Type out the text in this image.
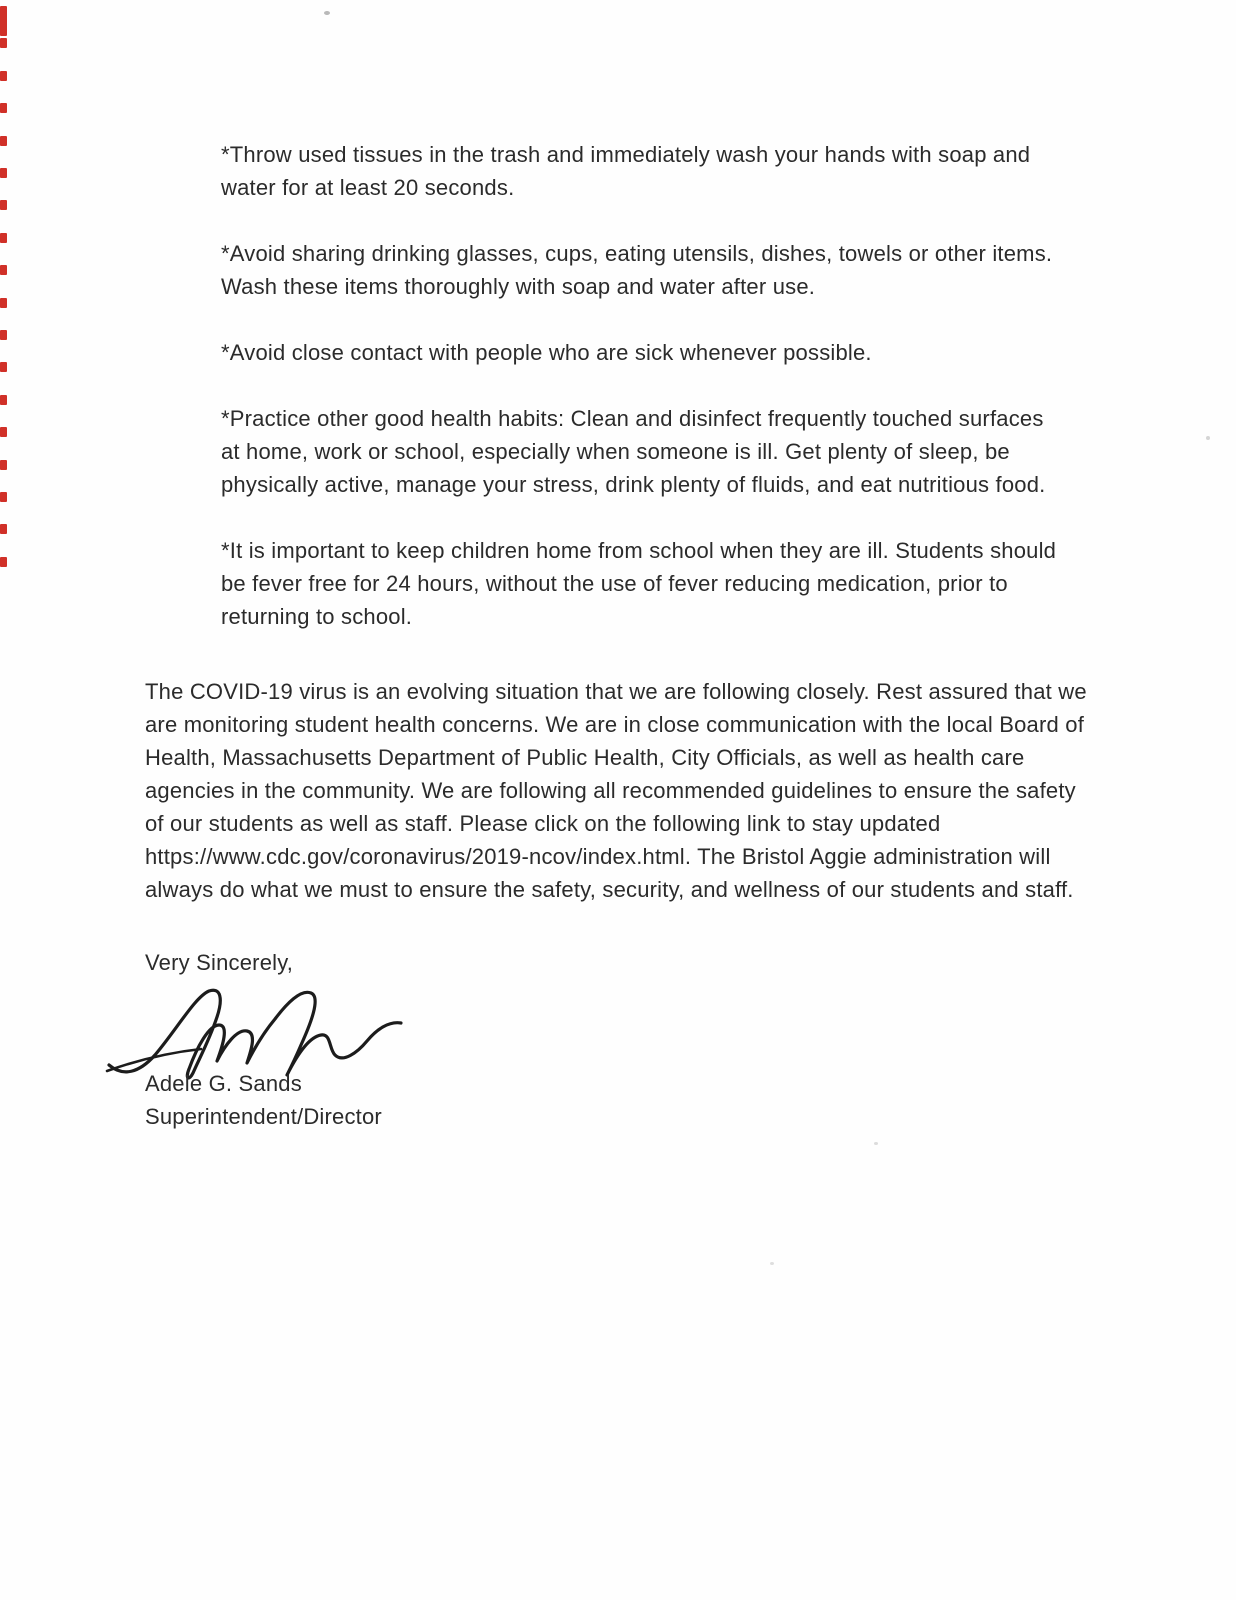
*Throw used tissues in the trash and immediately wash your hands with soap and water for at least 20 seconds.

*Avoid sharing drinking glasses, cups, eating utensils, dishes, towels or other items. Wash these items thoroughly with soap and water after use.

*Avoid close contact with people who are sick whenever possible.

*Practice other good health habits: Clean and disinfect frequently touched surfaces at home, work or school, especially when someone is ill. Get plenty of sleep, be physically active, manage your stress, drink plenty of fluids, and eat nutritious food.

*It is important to keep children home from school when they are ill. Students should be fever free for 24 hours, without the use of fever reducing medication, prior to returning to school.

The COVID-19 virus is an evolving situation that we are following closely. Rest assured that we are monitoring student health concerns. We are in close communication with the local Board of Health, Massachusetts Department of Public Health, City Officials, as well as health care agencies in the community. We are following all recommended guidelines to ensure the safety of our students as well as staff. Please click on the following link to stay updated https://www.cdc.gov/coronavirus/2019-ncov/index.html. The Bristol Aggie administration will always do what we must to ensure the safety, security, and wellness of our students and staff.

Very Sincerely,

Adele G. Sands

Superintendent/Director
